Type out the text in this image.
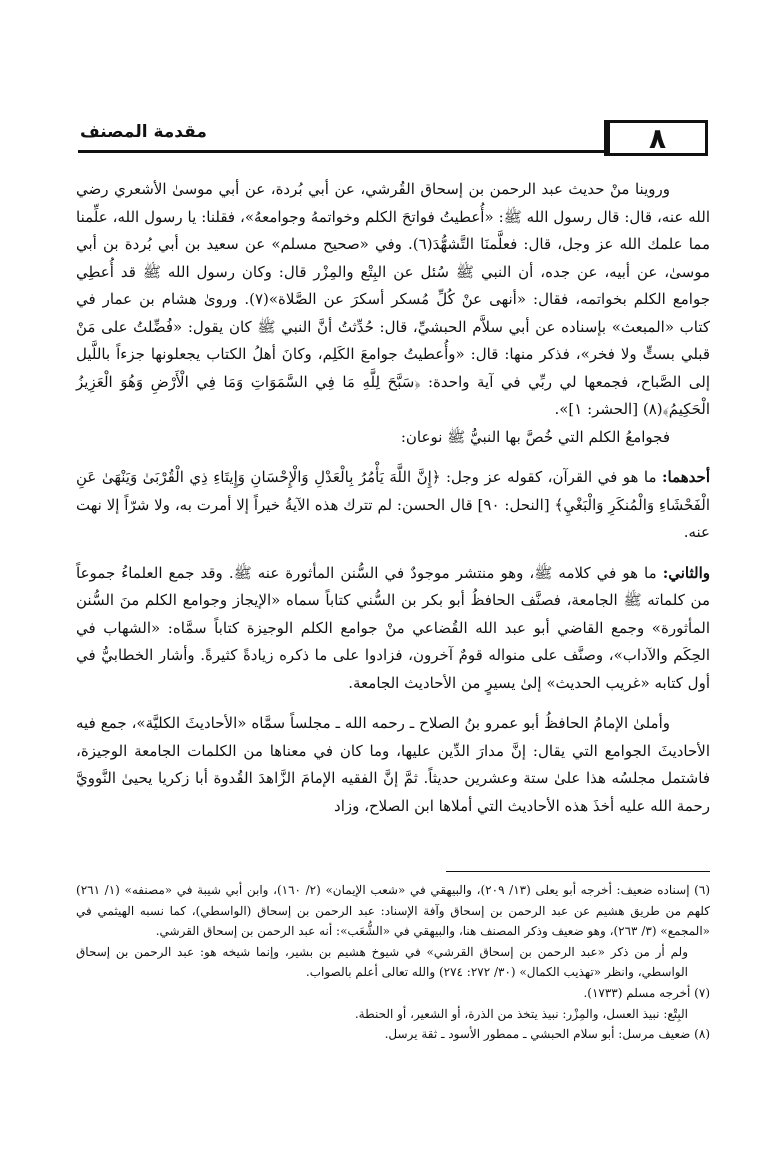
٨
مقدمة المصنف

وروينا منْ حديث عبد الرحمن بن إسحاق القُرشي، عن أبي بُردة، عن أبي موسىٰ الأشعري رضي الله عنه، قال: قال رسول الله ﷺ: «أُعطيتُ فواتحَ الكلم وخواتمهُ وجوامعهُ»، فقلنا: يا رسول الله، علِّمنا مما علمك الله عز وجل، قال: فعلَّمنَا التَّشهُّدَ(٦). وفي «صحيح مسلم» عن سعيد بن أبي بُردة بن أبي موسىٰ، عن أبيه، عن جده، أن النبي ﷺ سُئل عن البِتْع والمِزْر قال: وكان رسول الله ﷺ قد أُعطِي جوامع الكلم بخواتمه، فقال: «أنهى عنْ كُلِّ مُسكر أسكرَ عن الصَّلاة»(٧). وروىٰ هشام بن عمار في كتاب «المبعث» بإسناده عن أبي سلاَّم الحبشيِّ، قال: حُدِّثتُ أنَّ النبي ﷺ كان يقول: «فُضِّلتُ على مَنْ قبلي بستٍّ ولا فخر»، فذكر منها: قال: «وأُعطيتُ جوامعَ الكَلِم، وكانَ أهلُ الكتاب يجعلونها جزءاً باللَّيل إلى الصَّباح، فجمعها لي ربِّي في آية واحدة: ﴿سَبَّحَ لِلَّهِ مَا فِي السَّمَوَاتِ وَمَا فِي الْأَرْضِ وَهُوَ الْعَزِيزُ الْحَكِيمُ﴾(٨) [الحشر: ١]».

فجوامعُ الكلم التي خُصَّ بها النبيُّ ﷺ نوعان:

أحدهما: ما هو في القرآن، كقوله عز وجل: ﴿إِنَّ اللَّهَ يَأْمُرُ بِالْعَدْلِ وَالْإِحْسَانِ وَإِيتَاءِ ذِي الْقُرْبَىٰ وَيَنْهَىٰ عَنِ الْفَحْشَاءِ وَالْمُنكَرِ وَالْبَغْيِ﴾ [النحل: ٩٠] قال الحسن: لم تترك هذه الآيةُ خيراً إلا أمرت به، ولا شرّاً إلا نهت عنه.

والثاني: ما هو في كلامه ﷺ، وهو منتشر موجودٌ في السُّنن المأثورة عنه ﷺ. وقد جمع العلماءُ جموعاً من كلماته ﷺ الجامعة، فصنَّف الحافظُ أبو بكر بن السُّني كتاباً سماه «الإيجاز وجوامع الكلم منَ السُّنن المأثورة» وجمع القاضي أبو عبد الله القُضاعي منْ جوامع الكلم الوجيزة كتاباً سمَّاه: «الشهاب في الحِكَم والآداب»، وصنَّف على منواله قومٌ آخرون، فزادوا على ما ذكره زيادةً كثيرةً. وأشار الخطابيُّ في أول كتابه «غريب الحديث» إلىٰ يسيرٍ من الأحاديث الجامعة.

وأملىٰ الإمامُ الحافظُ أبو عمرو بنُ الصلاح ـ رحمه الله ـ مجلساً سمَّاه «الأحاديثَ الكليَّة»، جمع فيه الأحاديثَ الجوامع التي يقال: إنَّ مدارَ الدِّين عليها، وما كان في معناها من الكلمات الجامعة الوجيزة، فاشتمل مجلسُه هذا علىٰ ستة وعشرين حديثاً. ثمَّ إنَّ الفقيه الإمامَ الزَّاهدَ القُدوة أبا زكريا يحيىٰ النَّوويَّ رحمة الله عليه أخذَ هذه الأحاديث التي أملاها ابن الصلاح، وزاد

(٦) إسناده ضعيف: أخرجه أبو يعلى (١٣/ ٢٠٩)، والبيهقي في «شعب الإيمان» (٢/ ١٦٠)، وابن أبي شيبة في «مصنفه» (١/ ٢٦١) كلهم من طريق هشيم عن عبد الرحمن بن إسحاق وآفة الإسناد: عبد الرحمن بن إسحاق (الواسطي)، كما نسبه الهيثمي في «المجمع» (٣/ ٢٦٣)، وهو ضعيف وذكر المصنف هنا، والبيهقي في «الشُّعَب»: أنه عبد الرحمن بن إسحاق القرشي.

ولم أر من ذكر «عبد الرحمن بن إسحاق القرشي» في شيوخ هشيم بن بشير، وإنما شيخه هو: عبد الرحمن بن إسحاق الواسطي، وانظر «تهذيب الكمال» (٣٠/ ٢٧٢: ٢٧٤) والله تعالى أعلم بالصواب.

(٧) أخرجه مسلم (١٧٣٣).

البِتْع: نبيذ العسل، والمِزْر: نبيذ يتخذ من الذرة، أو الشعير، أو الحنطة.

(٨) ضعيف مرسل: أبو سلام الحبشي ـ ممطور الأسود ـ ثقة يرسل.
